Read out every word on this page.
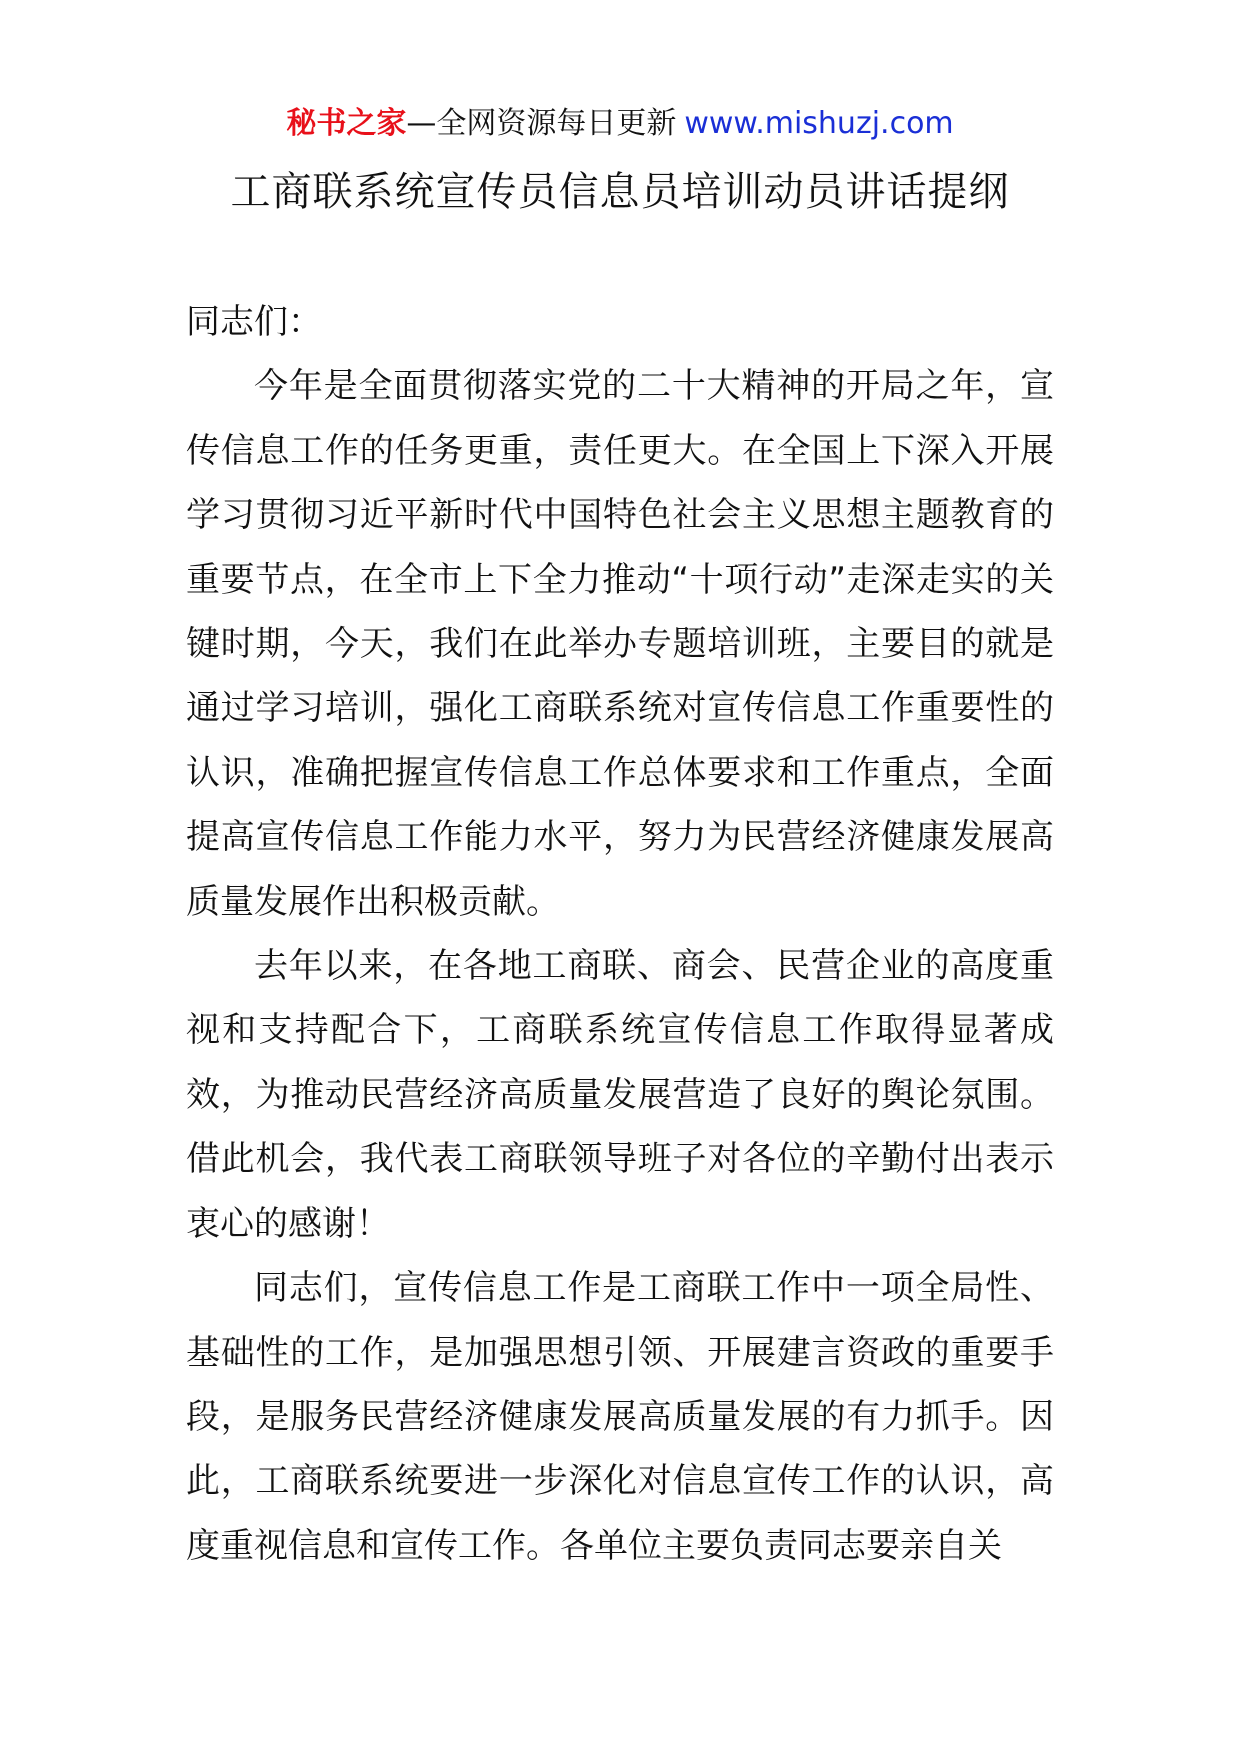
秘书之家—全网资源每日更新 www.mishuzj.com
工商联系统宣传员信息员培训动员讲话提纲

同志们：

今年是全面贯彻落实党的二十大精神的开局之年，宣传信息工作的任务更重，责任更大。在全国上下深入开展学习贯彻习近平新时代中国特色社会主义思想主题教育的重要节点，在全市上下全力推动“十项行动”走深走实的关键时期，今天，我们在此举办专题培训班，主要目的就是通过学习培训，强化工商联系统对宣传信息工作重要性的认识，准确把握宣传信息工作总体要求和工作重点，全面提高宣传信息工作能力水平，努力为民营经济健康发展高质量发展作出积极贡献。

去年以来，在各地工商联、商会、民营企业的高度重视和支持配合下，工商联系统宣传信息工作取得显著成效，为推动民营经济高质量发展营造了良好的舆论氛围。借此机会，我代表工商联领导班子对各位的辛勤付出表示衷心的感谢！

同志们，宣传信息工作是工商联工作中一项全局性、基础性的工作，是加强思想引领、开展建言资政的重要手段，是服务民营经济健康发展高质量发展的有力抓手。因此，工商联系统要进一步深化对信息宣传工作的认识，高度重视信息和宣传工作。各单位主要负责同志要亲自关
